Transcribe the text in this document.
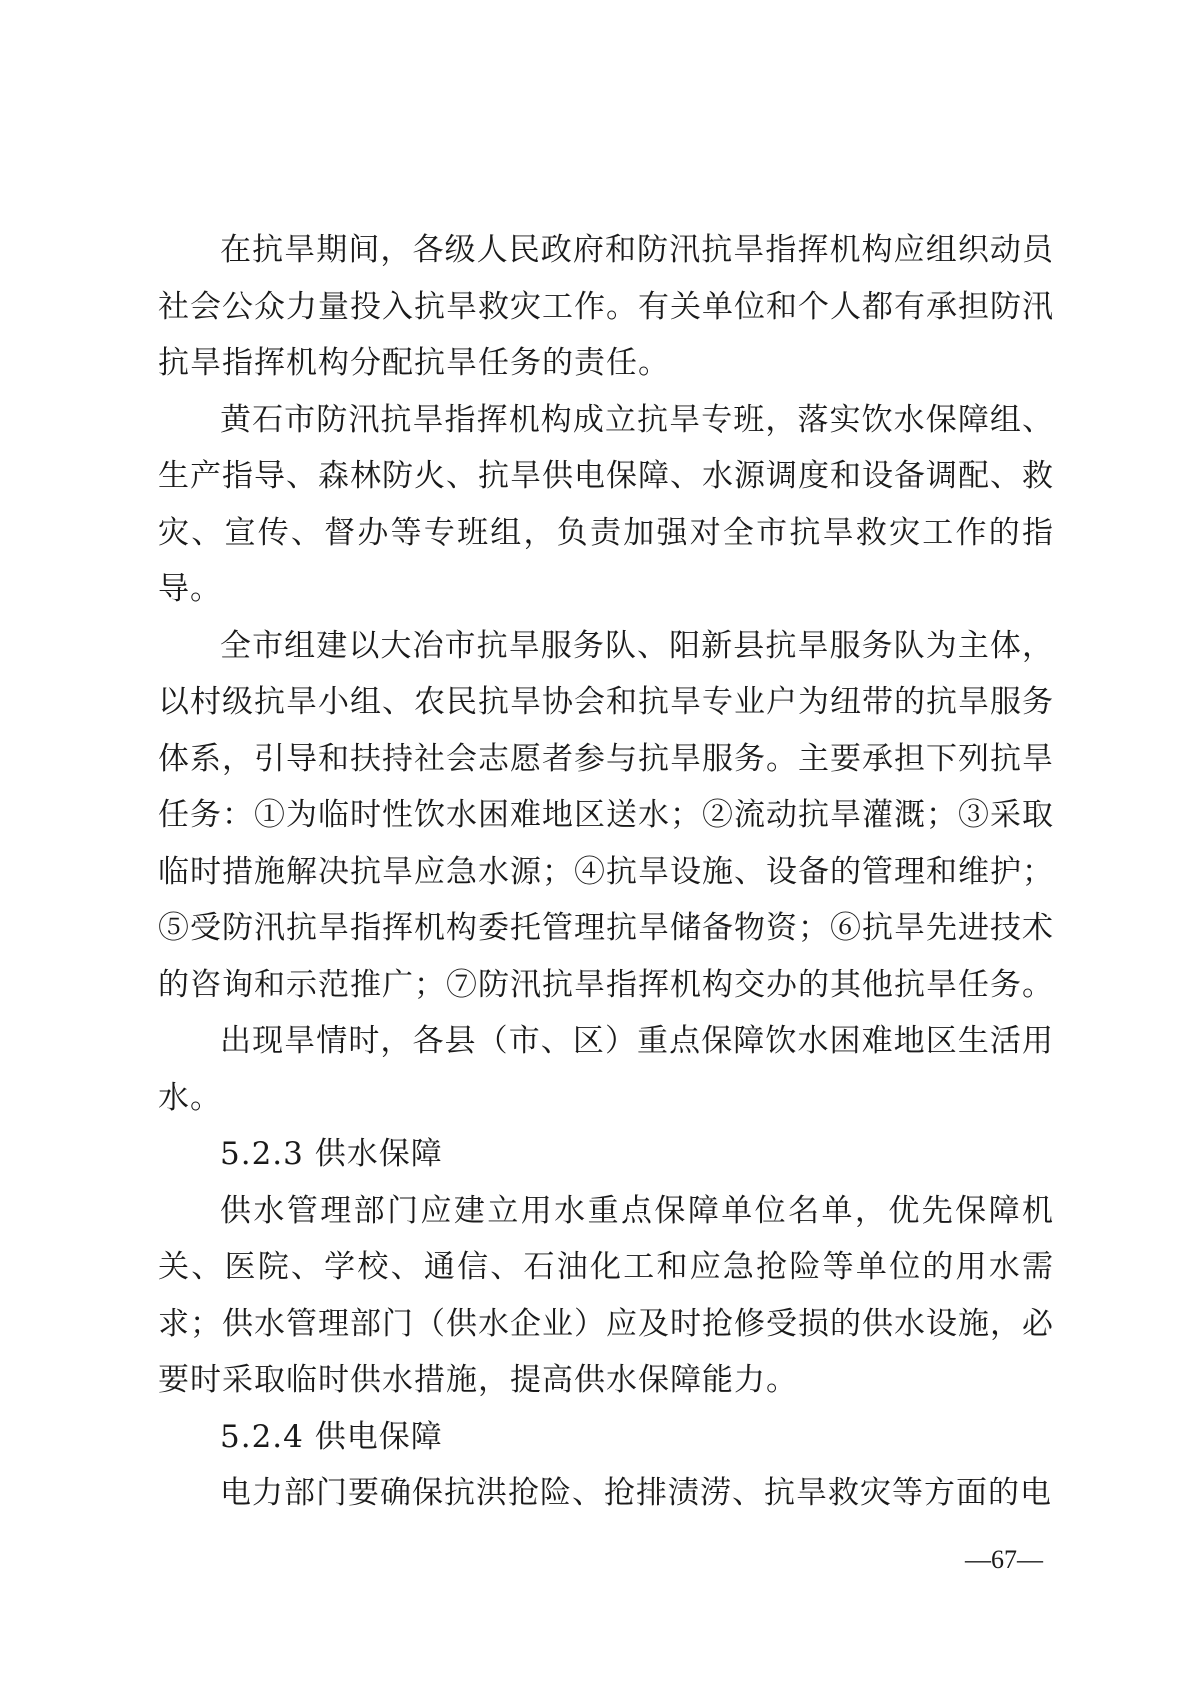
在抗旱期间，各级人民政府和防汛抗旱指挥机构应组织动员社会公众力量投入抗旱救灾工作。有关单位和个人都有承担防汛抗旱指挥机构分配抗旱任务的责任。

黄石市防汛抗旱指挥机构成立抗旱专班，落实饮水保障组、生产指导、森林防火、抗旱供电保障、水源调度和设备调配、救灾、宣传、督办等专班组，负责加强对全市抗旱救灾工作的指导。

全市组建以大冶市抗旱服务队、阳新县抗旱服务队为主体，以村级抗旱小组、农民抗旱协会和抗旱专业户为纽带的抗旱服务体系，引导和扶持社会志愿者参与抗旱服务。主要承担下列抗旱任务：①为临时性饮水困难地区送水；②流动抗旱灌溉；③采取临时措施解决抗旱应急水源；④抗旱设施、设备的管理和维护；⑤受防汛抗旱指挥机构委托管理抗旱储备物资；⑥抗旱先进技术的咨询和示范推广；⑦防汛抗旱指挥机构交办的其他抗旱任务。

出现旱情时，各县（市、区）重点保障饮水困难地区生活用水。

5.2.3 供水保障

供水管理部门应建立用水重点保障单位名单，优先保障机关、医院、学校、通信、石油化工和应急抢险等单位的用水需求；供水管理部门（供水企业）应及时抢修受损的供水设施，必要时采取临时供水措施，提高供水保障能力。

5.2.4 供电保障

电力部门要确保抗洪抢险、抢排渍涝、抗旱救灾等方面的电

—67—
